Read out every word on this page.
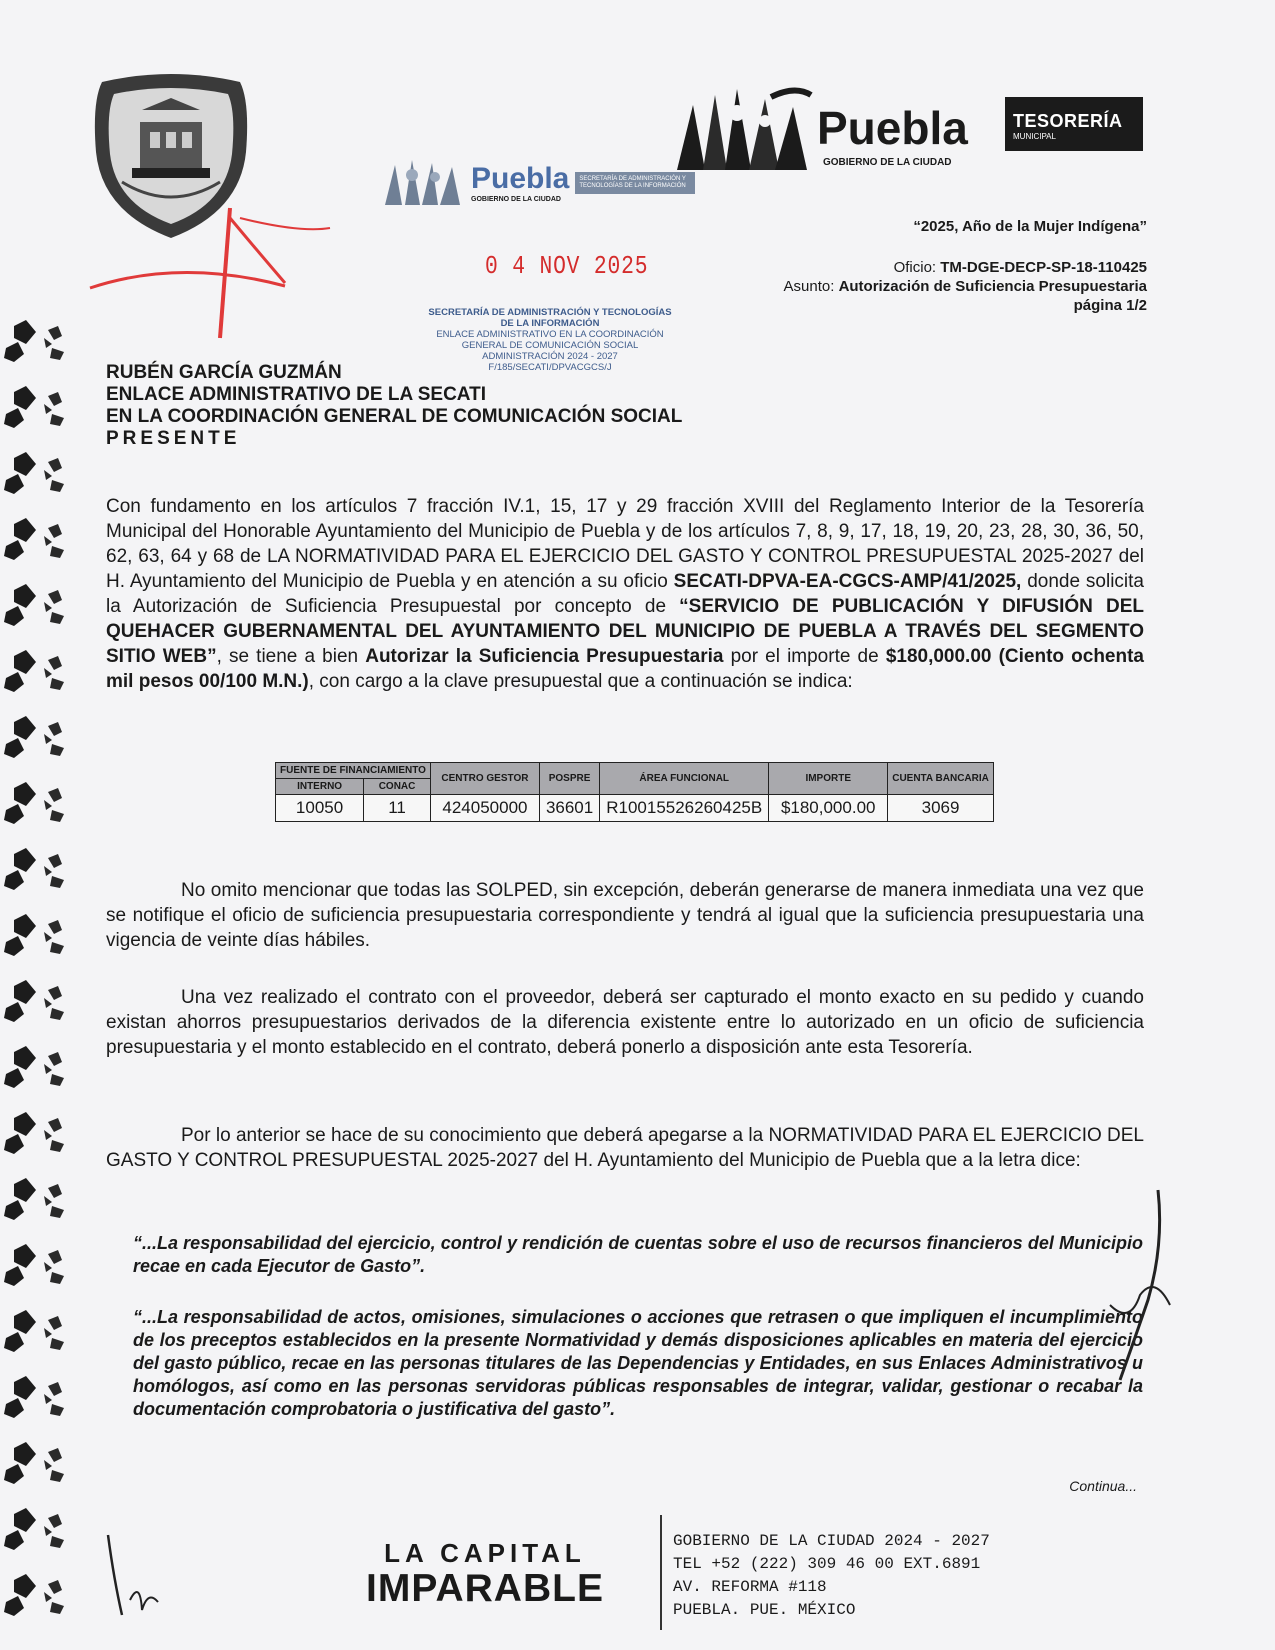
Puebla
GOBIERNO DE LA CIUDAD
SECRETARÍA DE ADMINISTRACIÓN Y TECNOLOGÍAS DE LA INFORMACIÓN
0 4 NOV 2025
SECRETARÍA DE ADMINISTRACIÓN Y TECNOLOGÍAS
DE LA INFORMACIÓN
ENLACE ADMINISTRATIVO EN LA COORDINACIÓN
GENERAL DE COMUNICACIÓN SOCIAL
ADMINISTRACIÓN 2024 - 2027
F/185/SECATI/DPVACGCS/J
Puebla
GOBIERNO DE LA CIUDAD
TESORERÍA
MUNICIPAL
“2025, Año de la Mujer Indígena”
Oficio: TM-DGE-DECP-SP-18-110425
Asunto: Autorización de Suficiencia Presupuestaria
página 1/2
RUBÉN GARCÍA GUZMÁN
ENLACE ADMINISTRATIVO DE LA SECATI
EN LA COORDINACIÓN GENERAL DE COMUNICACIÓN SOCIAL
PRESENTE
Con fundamento en los artículos 7 fracción IV.1, 15, 17 y 29 fracción XVIII del Reglamento Interior de la Tesorería Municipal del Honorable Ayuntamiento del Municipio de Puebla y de los artículos 7, 8, 9, 17, 18, 19, 20, 23, 28, 30, 36, 50, 62, 63, 64 y 68 de LA NORMATIVIDAD PARA EL EJERCICIO DEL GASTO Y CONTROL PRESUPUESTAL 2025-2027 del H. Ayuntamiento del Municipio de Puebla y en atención a su oficio SECATI-DPVA-EA-CGCS-AMP/41/2025, donde solicita la Autorización de Suficiencia Presupuestal por concepto de “SERVICIO DE PUBLICACIÓN Y DIFUSIÓN DEL QUEHACER GUBERNAMENTAL DEL AYUNTAMIENTO DEL MUNICIPIO DE PUEBLA A TRAVÉS DEL SEGMENTO SITIO WEB”, se tiene a bien Autorizar la Suficiencia Presupuestaria por el importe de $180,000.00 (Ciento ochenta mil pesos 00/100 M.N.), con cargo a la clave presupuestal que a continuación se indica:
FUENTE DE FINANCIAMIENTO		CENTRO GESTOR	POSPRE	ÁREA FUNCIONAL	IMPORTE	CUENTA BANCARIA
INTERNO	CONAC					
10050	11	424050000	36601	R10015526260425B	$180,000.00	3069
No omito mencionar que todas las SOLPED, sin excepción, deberán generarse de manera inmediata una vez que se notifique el oficio de suficiencia presupuestaria correspondiente y tendrá al igual que la suficiencia presupuestaria una vigencia de veinte días hábiles.
Una vez realizado el contrato con el proveedor, deberá ser capturado el monto exacto en su pedido y cuando existan ahorros presupuestarios derivados de la diferencia existente entre lo autorizado en un oficio de suficiencia presupuestaria y el monto establecido en el contrato, deberá ponerlo a disposición ante esta Tesorería.
Por lo anterior se hace de su conocimiento que deberá apegarse a la NORMATIVIDAD PARA EL EJERCICIO DEL GASTO Y CONTROL PRESUPUESTAL 2025-2027 del H. Ayuntamiento del Municipio de Puebla que a la letra dice:
“...La responsabilidad del ejercicio, control y rendición de cuentas sobre el uso de recursos financieros del Municipio recae en cada Ejecutor de Gasto”.
“...La responsabilidad de actos, omisiones, simulaciones o acciones que retrasen o que impliquen el incumplimiento de los preceptos establecidos en la presente Normatividad y demás disposiciones aplicables en materia del ejercicio del gasto público, recae en las personas titulares de las Dependencias y Entidades, en sus Enlaces Administrativos u homólogos, así como en las personas servidoras públicas responsables de integrar, validar, gestionar o recabar la documentación comprobatoria o justificativa del gasto”.
Continua...
LA CAPITAL
IMPARABLE
GOBIERNO DE LA CIUDAD 2024 - 2027
TEL +52 (222) 309 46 00 EXT.6891
AV. REFORMA #118
PUEBLA. PUE. MÉXICO
